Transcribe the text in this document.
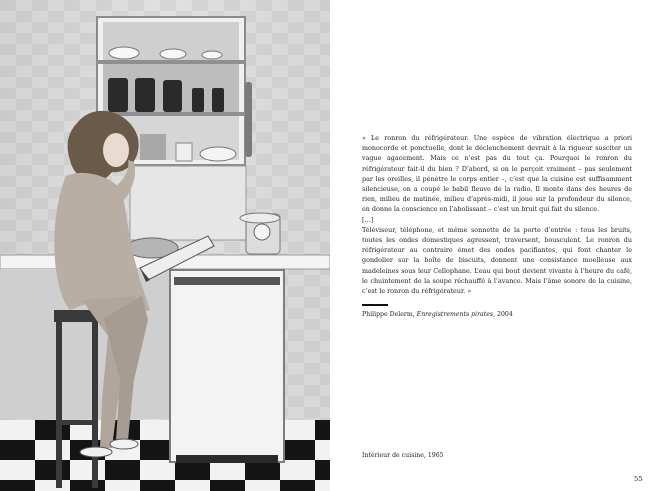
« Le ronron du réfrigérateur. Une espèce de vibration électrique a priori monocorde et ponctuelle, dont le déclenchement devrait à la rigueur susciter un vague agacement. Mais ce n’est pas du tout ça. Pourquoi le ronron du réfrigérateur fait-il du bien ? D’abord, si on le perçoit vraiment – pas seulement par les oreilles, il pénètre le corps entier –, c’est que la cuisine est suffisamment silencieuse, on a coupé le babil fleuve de la radio. Il monte dans des heures de rien, milieu de matinée, milieu d’après-midi, il joue sur la profondeur du silence, en donne la conscience en l’abolissant – c’est un bruit qui fait du silence.

[...]

Téléviseur, téléphone, et même sonnette de la porte d’entrée : tous les bruits, toutes les ondes domestiques agressent, traversent, bousculent. Le ronron du réfrigérateur au contraire émet des ondes pacifiantes, qui font chanter le gondolier sur la boîte de biscuits, donnent une consistance moelleuse aux madeleines sous leur Cellophane. L’eau qui bout devient vivante à l’heure du café, le chuintement de la soupe réchauffé à l’avance. Mais l’âme sonore de la cuisine, c’est le ronron du réfrigérateur. »

Philippe Delerm, Enregistrements pirates, 2004
Intérieur de cuisine, 1965
55
